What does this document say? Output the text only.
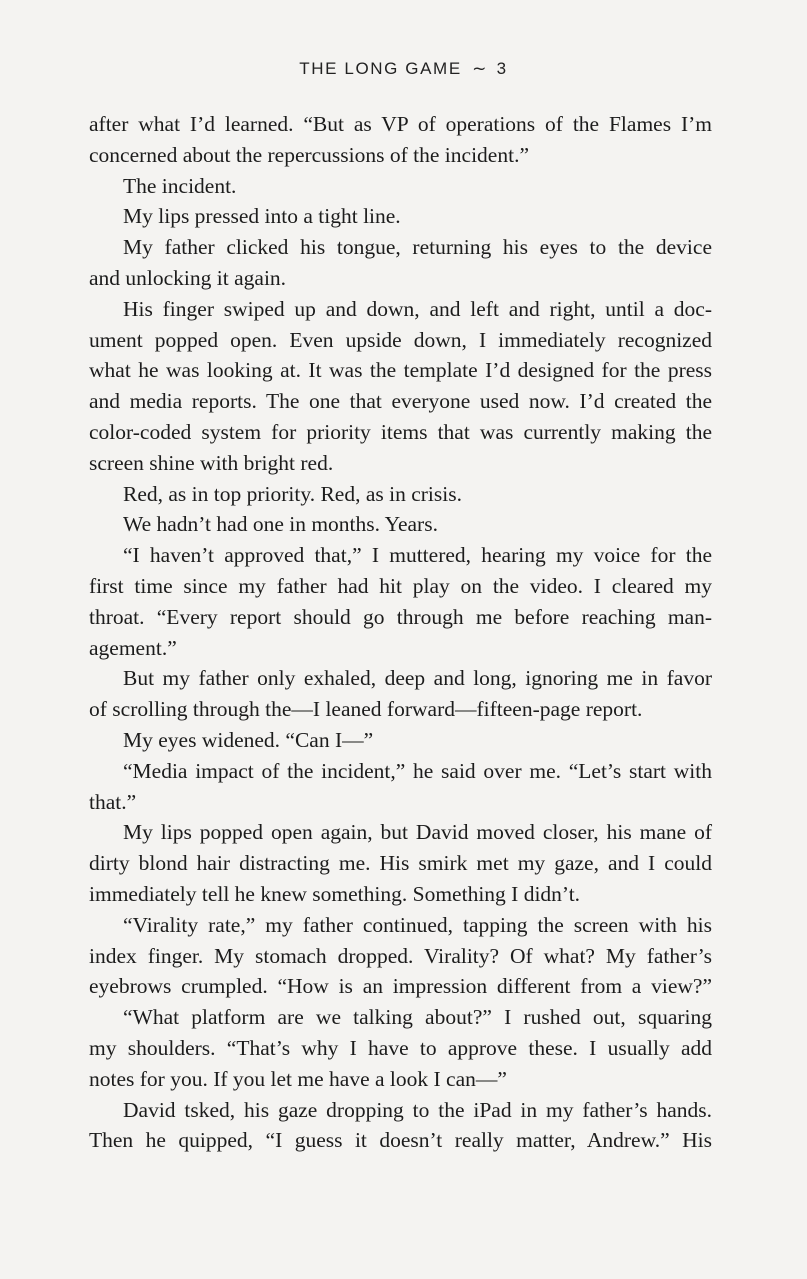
THE LONG GAME ~ 3
after what I’d learned. “But as VP of operations of the Flames I’m
concerned about the repercussions of the incident.”
The incident.
My lips pressed into a tight line.
My father clicked his tongue, returning his eyes to the device
and unlocking it again.
His finger swiped up and down, and left and right, until a doc-
ument popped open. Even upside down, I immediately recognized
what he was looking at. It was the template I’d designed for the press
and media reports. The one that everyone used now. I’d created the
color-coded system for priority items that was currently making the
screen shine with bright red.
Red, as in top priority. Red, as in crisis.
We hadn’t had one in months. Years.
“I haven’t approved that,” I muttered, hearing my voice for the
first time since my father had hit play on the video. I cleared my
throat. “Every report should go through me before reaching man-
agement.”
But my father only exhaled, deep and long, ignoring me in favor
of scrolling through the—I leaned forward—fifteen-page report.
My eyes widened. “Can I—”
“Media impact of the incident,” he said over me. “Let’s start with
that.”
My lips popped open again, but David moved closer, his mane of
dirty blond hair distracting me. His smirk met my gaze, and I could
immediately tell he knew something. Something I didn’t.
“Virality rate,” my father continued, tapping the screen with his
index finger. My stomach dropped. Virality? Of what? My father’s
eyebrows crumpled. “How is an impression different from a view?”
“What platform are we talking about?” I rushed out, squaring
my shoulders. “That’s why I have to approve these. I usually add
notes for you. If you let me have a look I can—”
David tsked, his gaze dropping to the iPad in my father’s hands.
Then he quipped, “I guess it doesn’t really matter, Andrew.” His
